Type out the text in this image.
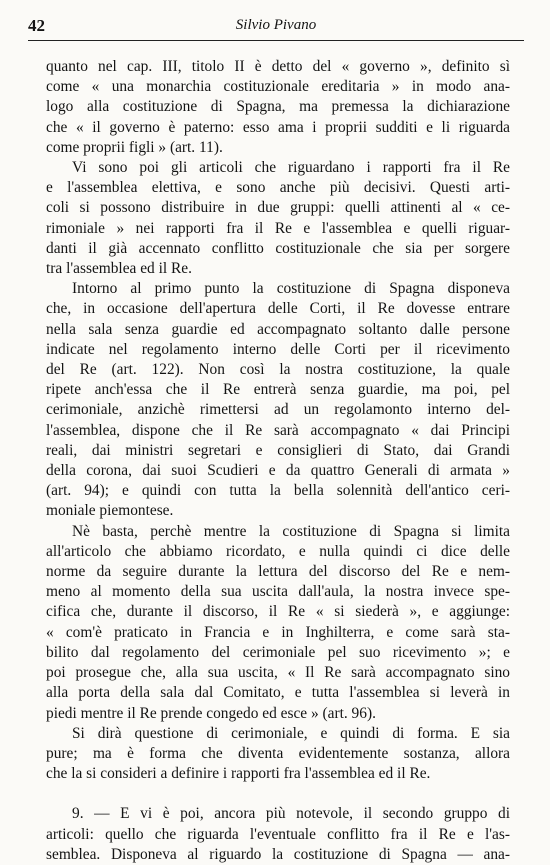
42	Silvio Pivano

quanto nel cap. III, titolo II è detto del « governo », definito sì
come « una monarchia costituzionale ereditaria » in modo ana-
logo alla costituzione di Spagna, ma premessa la dichiarazione
che « il governo è paterno: esso ama i proprii sudditi e li riguarda
come proprii figli » (art. 11).

Vi sono poi gli articoli che riguardano i rapporti fra il Re
e l'assemblea elettiva, e sono anche più decisivi. Questi arti-
coli si possono distribuire in due gruppi: quelli attinenti al « ce-
rimoniale » nei rapporti fra il Re e l'assemblea e quelli riguar-
danti il già accennato conflitto costituzionale che sia per sorgere
tra l'assemblea ed il Re.

Intorno al primo punto la costituzione di Spagna disponeva
che, in occasione dell'apertura delle Corti, il Re dovesse entrare
nella sala senza guardie ed accompagnato soltanto dalle persone
indicate nel regolamento interno delle Corti per il ricevimento
del Re (art. 122). Non così la nostra costituzione, la quale
ripete anch'essa che il Re entrerà senza guardie, ma poi, pel
cerimoniale, anzichè rimettersi ad un regolamonto interno del-
l'assemblea, dispone che il Re sarà accompagnato « dai Principi
reali, dai ministri segretari e consiglieri di Stato, dai Grandi
della corona, dai suoi Scudieri e da quattro Generali di armata »
(art. 94); e quindi con tutta la bella solennità dell'antico ceri-
moniale piemontese.

Nè basta, perchè mentre la costituzione di Spagna si limita
all'articolo che abbiamo ricordato, e nulla quindi ci dice delle
norme da seguire durante la lettura del discorso del Re e nem-
meno al momento della sua uscita dall'aula, la nostra invece spe-
cifica che, durante il discorso, il Re « si siederà », e aggiunge:
« com'è praticato in Francia e in Inghilterra, e come sarà sta-
bilito dal regolamento del cerimoniale pel suo ricevimento »; e
poi prosegue che, alla sua uscita, « Il Re sarà accompagnato sino
alla porta della sala dal Comitato, e tutta l'assemblea si leverà in
piedi mentre il Re prende congedo ed esce » (art. 96).

Si dirà questione di cerimoniale, e quindi di forma. E sia
pure; ma è forma che diventa evidentemente sostanza, allora
che la si consideri a definire i rapporti fra l'assemblea ed il Re.

9. — E vi è poi, ancora più notevole, il secondo gruppo di
articoli: quello che riguarda l'eventuale conflitto fra il Re e l'as-
semblea. Disponeva al riguardo la costituzione di Spagna — ana-
